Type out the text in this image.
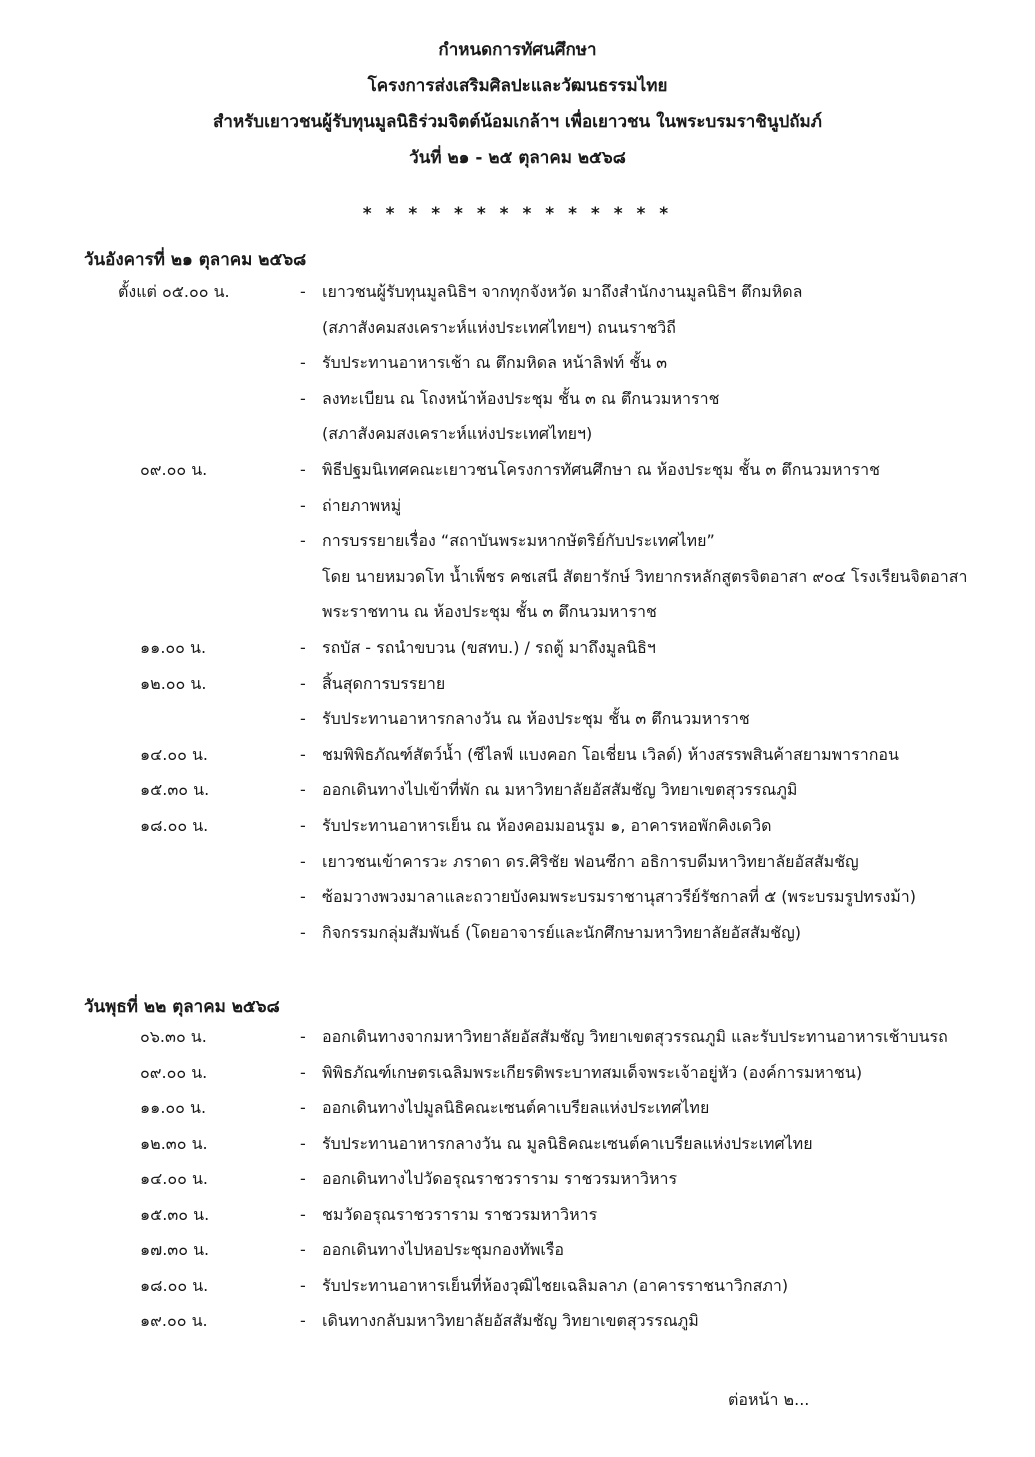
กำหนดการทัศนศึกษา
โครงการส่งเสริมศิลปะและวัฒนธรรมไทย
สำหรับเยาวชนผู้รับทุนมูลนิธิร่วมจิตต์น้อมเกล้าฯ เพื่อเยาวชน ในพระบรมราชินูปถัมภ์
วันที่ ๒๑ - ๒๕ ตุลาคม ๒๕๖๘
* * * * * * * * * * * * * *
วันอังคารที่ ๒๑ ตุลาคม ๒๕๖๘
ตั้งแต่ ๐๕.๐๐ น.	- เยาวชนผู้รับทุนมูลนิธิฯ จากทุกจังหวัด มาถึงสำนักงานมูลนิธิฯ ตึกมหิดล
(สภาสังคมสงเคราะห์แห่งประเทศไทยฯ) ถนนราชวิถี
- รับประทานอาหารเช้า ณ ตึกมหิดล หน้าลิฟท์ ชั้น ๓
- ลงทะเบียน ณ โถงหน้าห้องประชุม ชั้น ๓ ณ ตึกนวมหาราช
(สภาสังคมสงเคราะห์แห่งประเทศไทยฯ)
๐๙.๐๐ น.	- พิธีปฐมนิเทศคณะเยาวชนโครงการทัศนศึกษา ณ ห้องประชุม ชั้น ๓ ตึกนวมหาราช
- ถ่ายภาพหมู่
- การบรรยายเรื่อง “สถาบันพระมหากษัตริย์กับประเทศไทย”
โดย นายหมวดโท น้ำเพ็ชร คชเสนี สัตยารักษ์ วิทยากรหลักสูตรจิตอาสา ๙๐๔ โรงเรียนจิตอาสา
พระราชทาน ณ ห้องประชุม ชั้น ๓ ตึกนวมหาราช
๑๑.๐๐ น.	- รถบัส - รถนำขบวน (ขสทบ.) / รถตู้ มาถึงมูลนิธิฯ
๑๒.๐๐ น.	- สิ้นสุดการบรรยาย
- รับประทานอาหารกลางวัน ณ ห้องประชุม ชั้น ๓ ตึกนวมหาราช
๑๔.๐๐ น.	- ชมพิพิธภัณฑ์สัตว์น้ำ (ซีไลฟ์ แบงคอก โอเชี่ยน เวิลด์) ห้างสรรพสินค้าสยามพารากอน
๑๕.๓๐ น.	- ออกเดินทางไปเข้าที่พัก ณ มหาวิทยาลัยอัสสัมชัญ วิทยาเขตสุวรรณภูมิ
๑๘.๐๐ น.	- รับประทานอาหารเย็น ณ ห้องคอมมอนรูม ๑, อาคารหอพักคิงเดวิด
- เยาวชนเข้าคารวะ ภราดา ดร.ศิริชัย ฟอนซีกา อธิการบดีมหาวิทยาลัยอัสสัมชัญ
- ซ้อมวางพวงมาลาและถวายบังคมพระบรมราชานุสาวรีย์รัชกาลที่ ๕ (พระบรมรูปทรงม้า)
- กิจกรรมกลุ่มสัมพันธ์ (โดยอาจารย์และนักศึกษามหาวิทยาลัยอัสสัมชัญ)
วันพุธที่ ๒๒ ตุลาคม ๒๕๖๘
๐๖.๓๐ น.	- ออกเดินทางจากมหาวิทยาลัยอัสสัมชัญ วิทยาเขตสุวรรณภูมิ และรับประทานอาหารเช้าบนรถ
๐๙.๐๐ น.	- พิพิธภัณฑ์เกษตรเฉลิมพระเกียรติพระบาทสมเด็จพระเจ้าอยู่หัว (องค์การมหาชน)
๑๑.๐๐ น.	- ออกเดินทางไปมูลนิธิคณะเซนต์คาเบรียลแห่งประเทศไทย
๑๒.๓๐ น.	- รับประทานอาหารกลางวัน ณ มูลนิธิคณะเซนต์คาเบรียลแห่งประเทศไทย
๑๔.๐๐ น.	- ออกเดินทางไปวัดอรุณราชวราราม ราชวรมหาวิหาร
๑๕.๓๐ น.	- ชมวัดอรุณราชวราราม ราชวรมหาวิหาร
๑๗.๓๐ น.	- ออกเดินทางไปหอประชุมกองทัพเรือ
๑๘.๐๐ น.	- รับประทานอาหารเย็นที่ห้องวุฒิไชยเฉลิมลาภ (อาคารราชนาวิกสภา)
๑๙.๐๐ น.	- เดินทางกลับมหาวิทยาลัยอัสสัมชัญ วิทยาเขตสุวรรณภูมิ
ต่อหน้า ๒...
